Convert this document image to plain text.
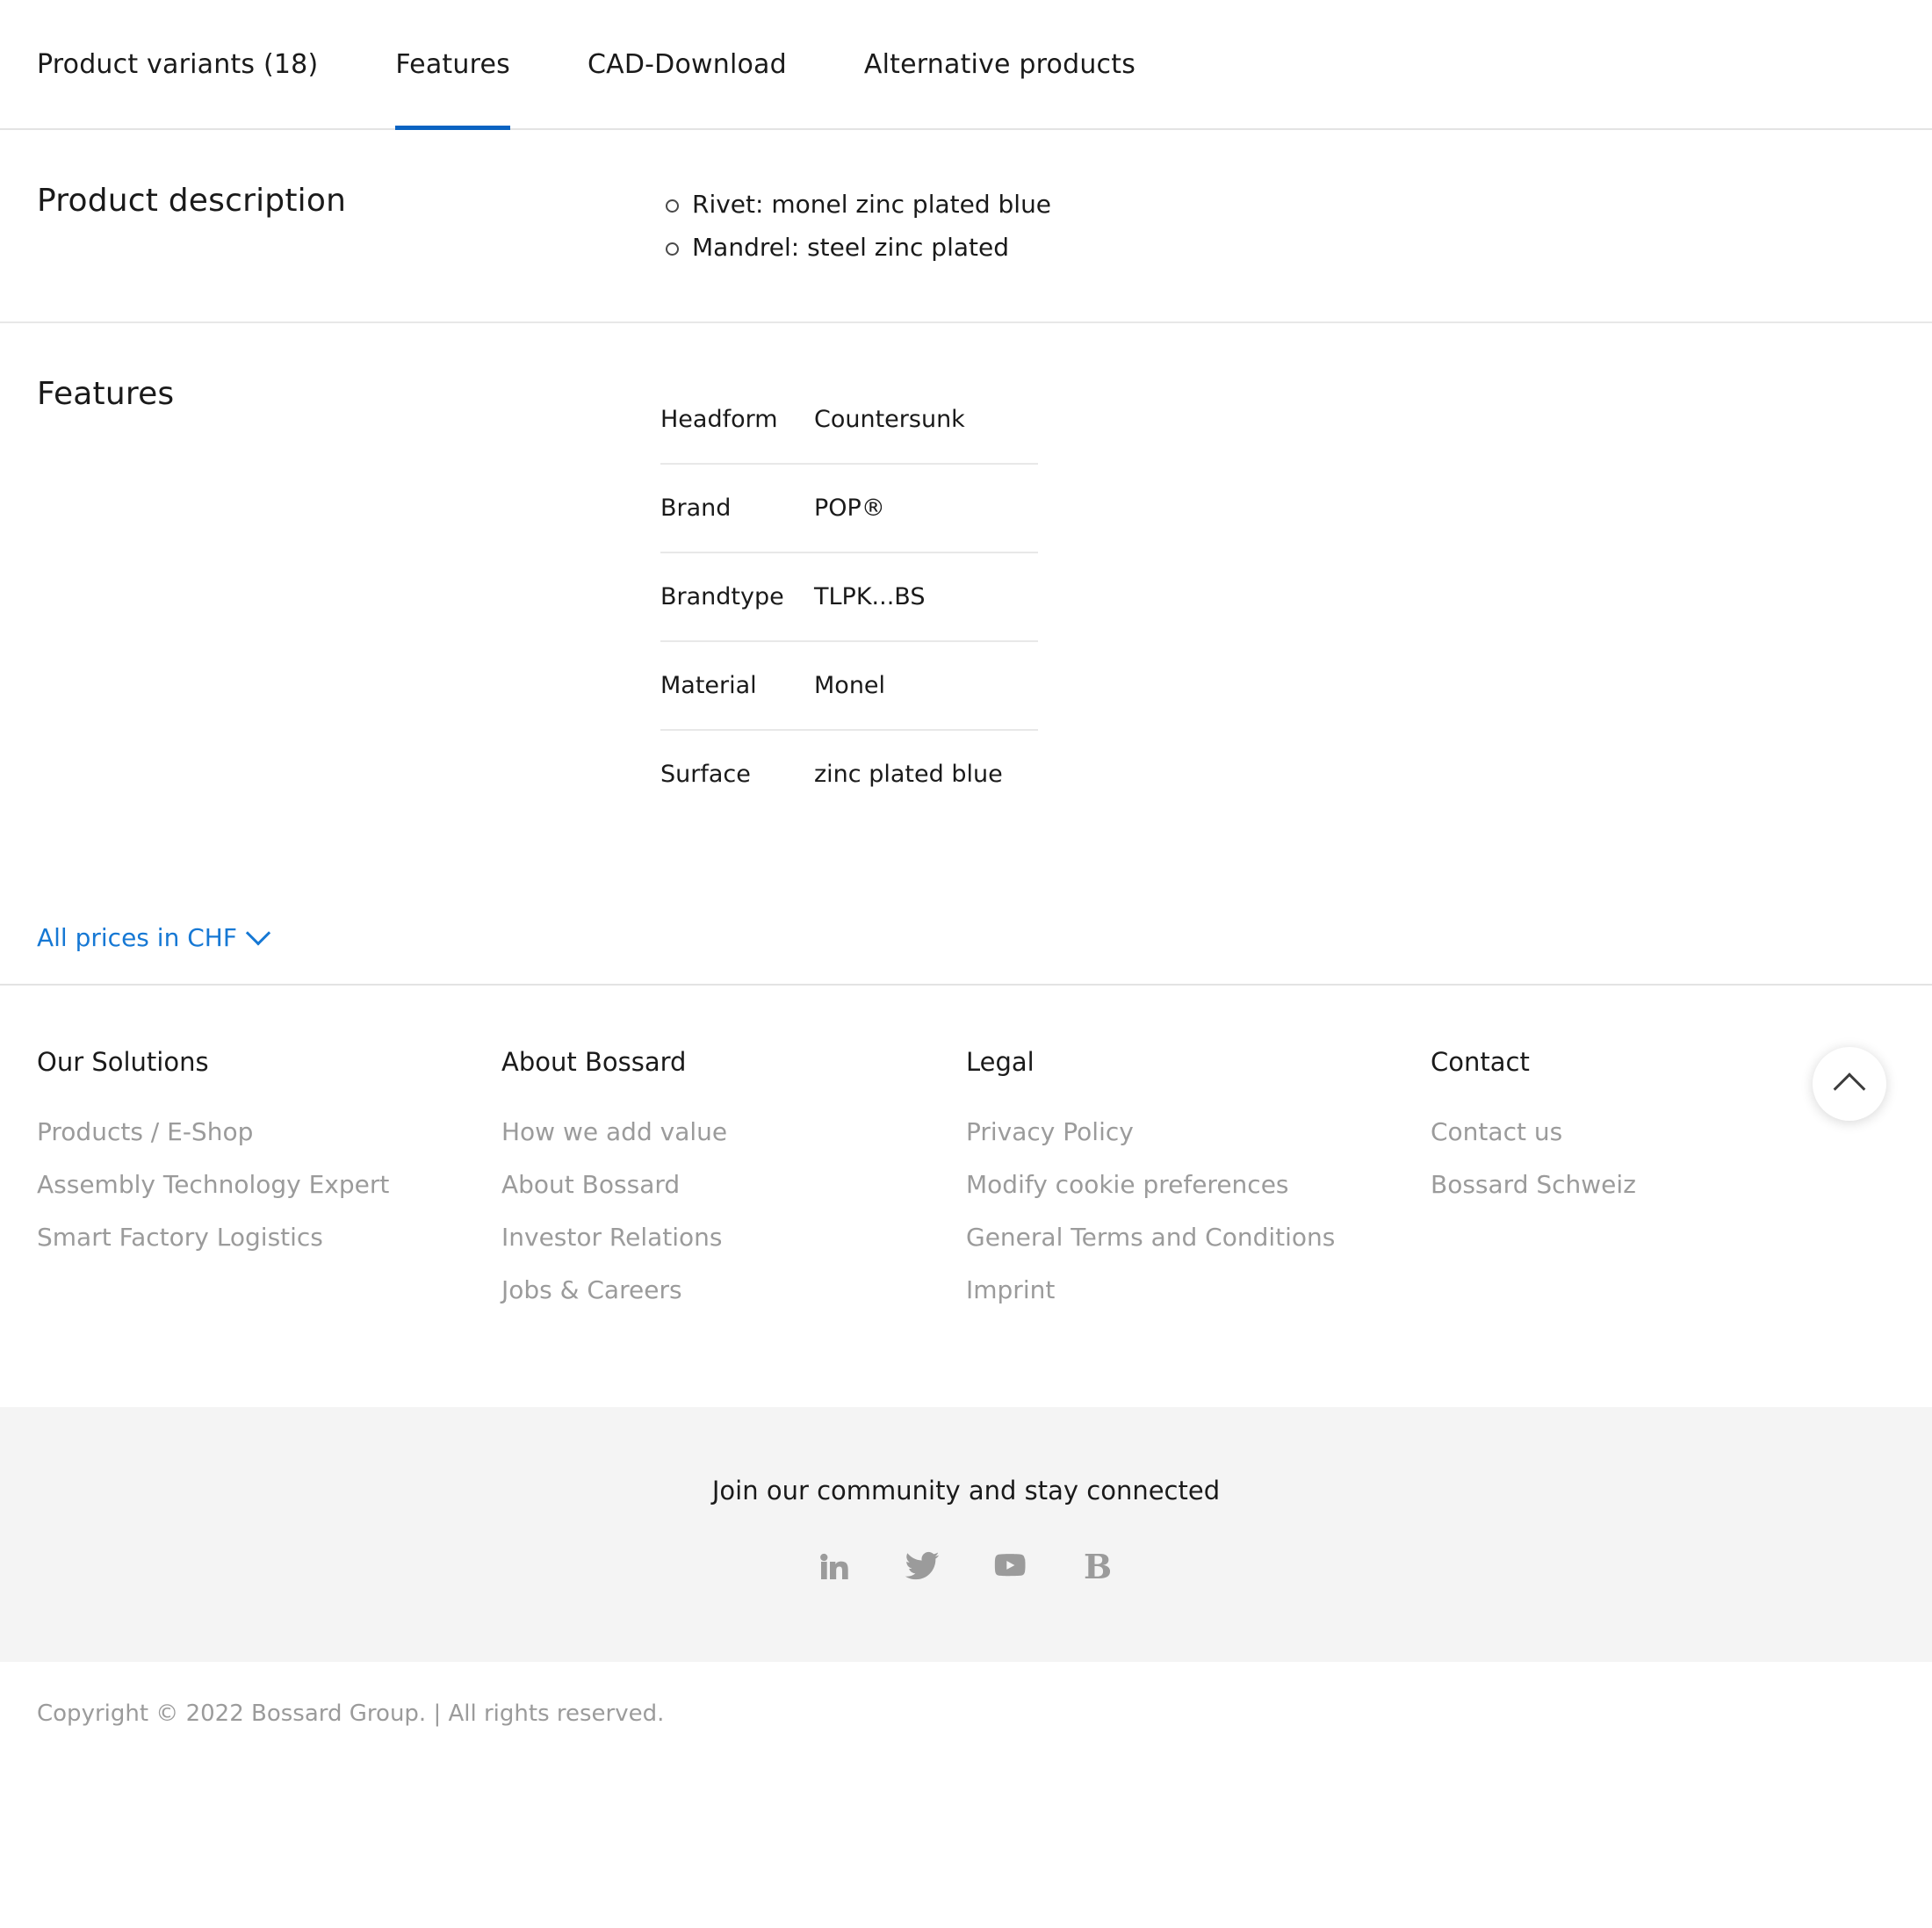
Product variants (18)	Features	CAD-Download	Alternative products
Product description	Rivet: monel zinc plated blue
Mandrel: steel zinc plated
Features
Headform	Countersunk
Brand	POP®
Brandtype	TLPK...BS
Material	Monel
Surface	zinc plated blue
All prices in CHF
Our Solutions
Products / E-Shop
Assembly Technology Expert
Smart Factory Logistics
About Bossard
How we add value
About Bossard
Investor Relations
Jobs & Careers
Legal
Privacy Policy
Modify cookie preferences
General Terms and Conditions
Imprint
Contact
Contact us
Bossard Schweiz
Join our community and stay connected
B
Copyright © 2022 Bossard Group. | All rights reserved.
